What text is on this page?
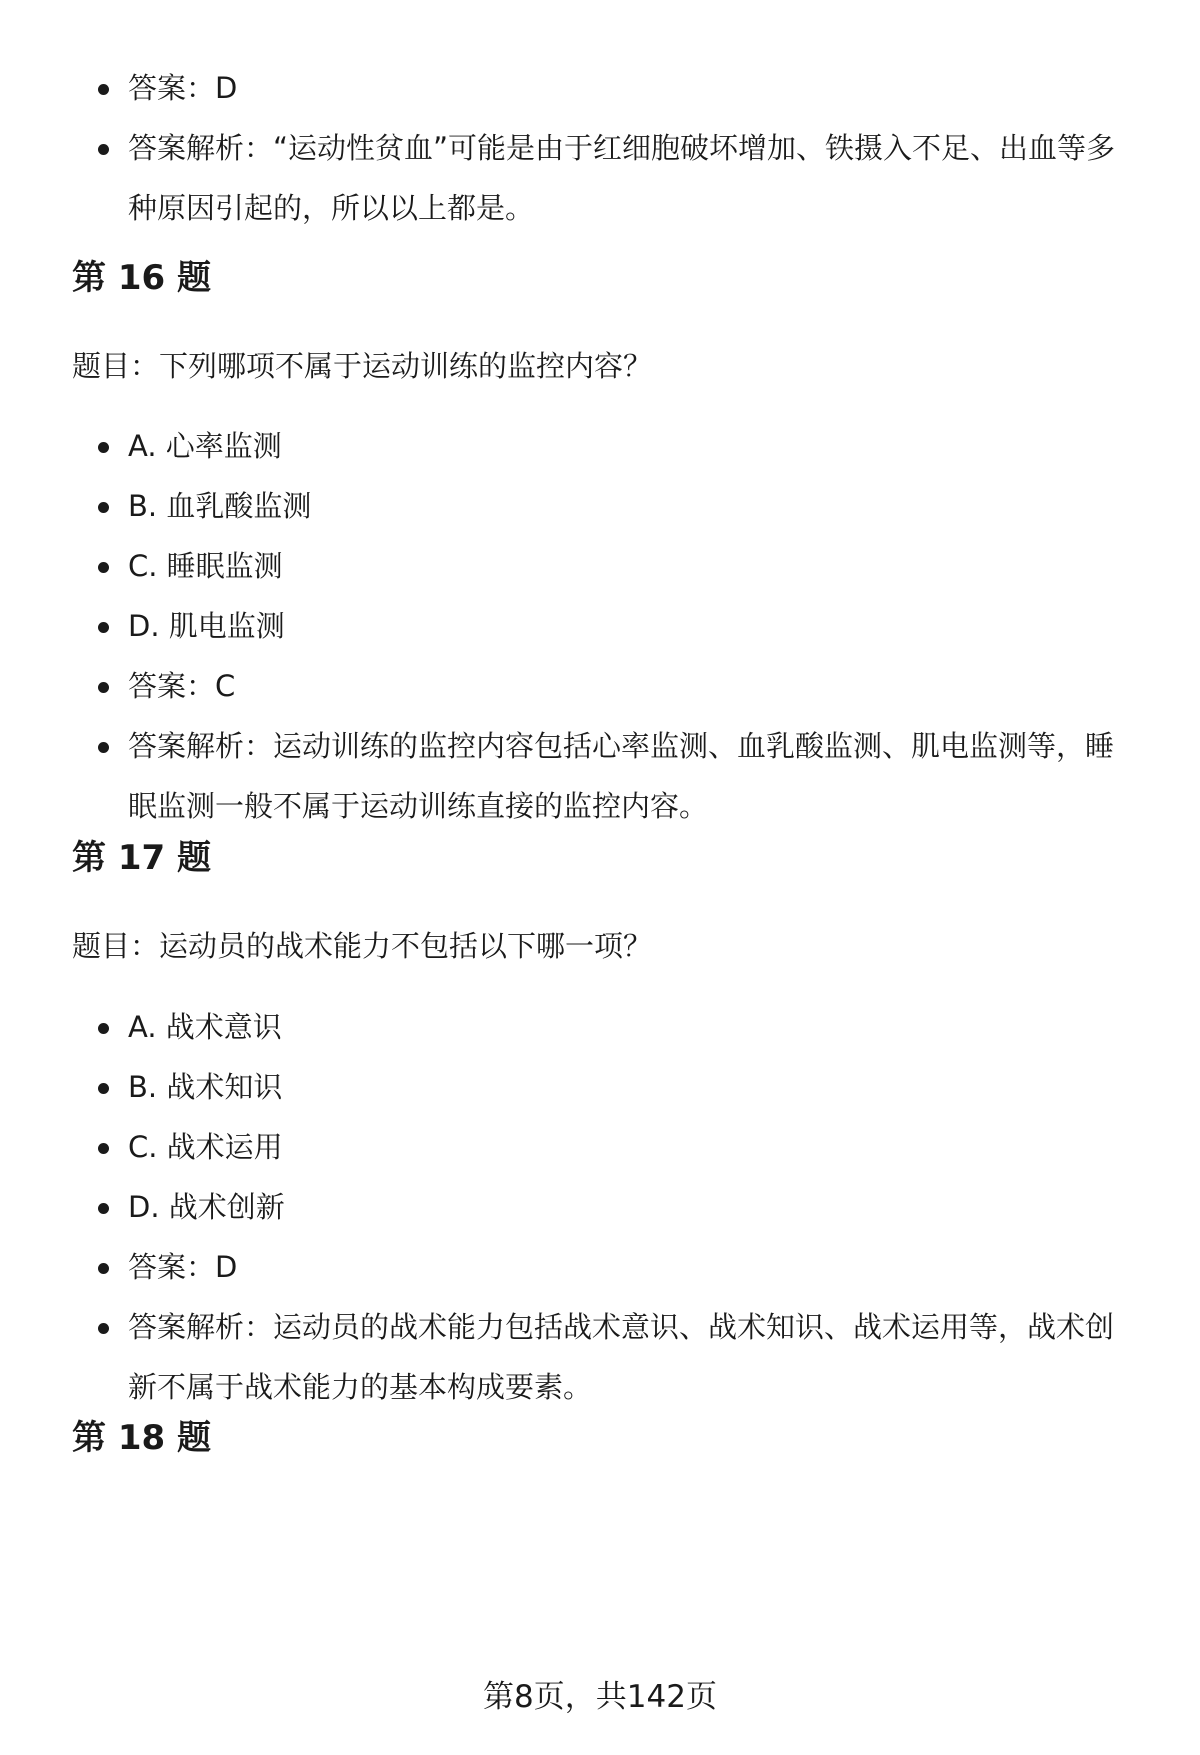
答案：D
答案解析：“运动性贫血”可能是由于红细胞破坏增加、铁摄入不足、出血等多种原因引起的，所以以上都是。
第 16 题

题目：下列哪项不属于运动训练的监控内容？

A. 心率监测
B. 血乳酸监测
C. 睡眠监测
D. 肌电监测
答案：C
答案解析：运动训练的监控内容包括心率监测、血乳酸监测、肌电监测等，睡眠监测一般不属于运动训练直接的监控内容。
第 17 题

题目：运动员的战术能力不包括以下哪一项？

A. 战术意识
B. 战术知识
C. 战术运用
D. 战术创新
答案：D
答案解析：运动员的战术能力包括战术意识、战术知识、战术运用等，战术创新不属于战术能力的基本构成要素。
第 18 题
第8页，共142页
